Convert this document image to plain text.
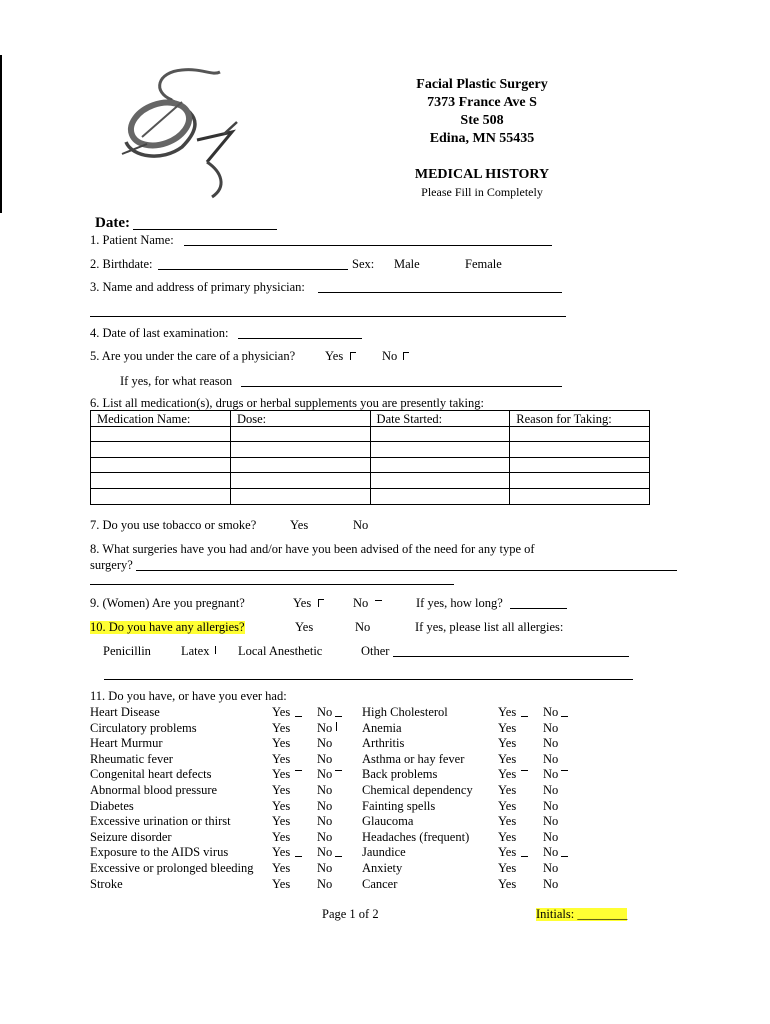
Facial Plastic Surgery
7373 France Ave S
Ste 508
Edina, MN 55435
MEDICAL HISTORY
Please Fill in Completely
Date:
1. Patient Name:
2. Birthdate:	Sex: Male	Female
3. Name and address of primary physician:
4. Date of last examination:
5. Are you under the care of a physician? Yes	No
If yes, for what reason
6. List all medication(s), drugs or herbal supplements you are presently taking:
Medication Name:	Dose:	Date Started:	Reason for Taking:

7. Do you use tobacco or smoke?	Yes	No
8. What surgeries have you had and/or have you been advised of the need for any type of
surgery?
9. (Women) Are you pregnant?	Yes	No	If yes, how long?
10. Do you have any allergies?	Yes	No	If yes, please list all allergies:
Penicillin Latex Local Anesthetic	Other
11. Do you have, or have you ever had:
Heart Disease	Yes No
Circulatory problems	Yes No
Heart Murmur	Yes No
Rheumatic fever	Yes No
Congenital heart defects	Yes No
Abnormal blood pressure	Yes No
Diabetes	Yes No
Excessive urination or thirst	Yes No
Seizure disorder	Yes No
Exposure to the AIDS virus	Yes No
Excessive or prolonged bleeding Yes No
Stroke	Yes No
High Cholesterol	Yes No
Anemia	Yes No
Arthritis	Yes No
Asthma or hay fever	Yes No
Back problems	Yes No
Chemical dependency Yes No
Fainting spells	Yes No
Glaucoma	Yes No
Headaches (frequent) Yes No
Jaundice	Yes No
Anxiety	Yes No
Cancer	Yes No
Page 1 of 2	Initials: ________
